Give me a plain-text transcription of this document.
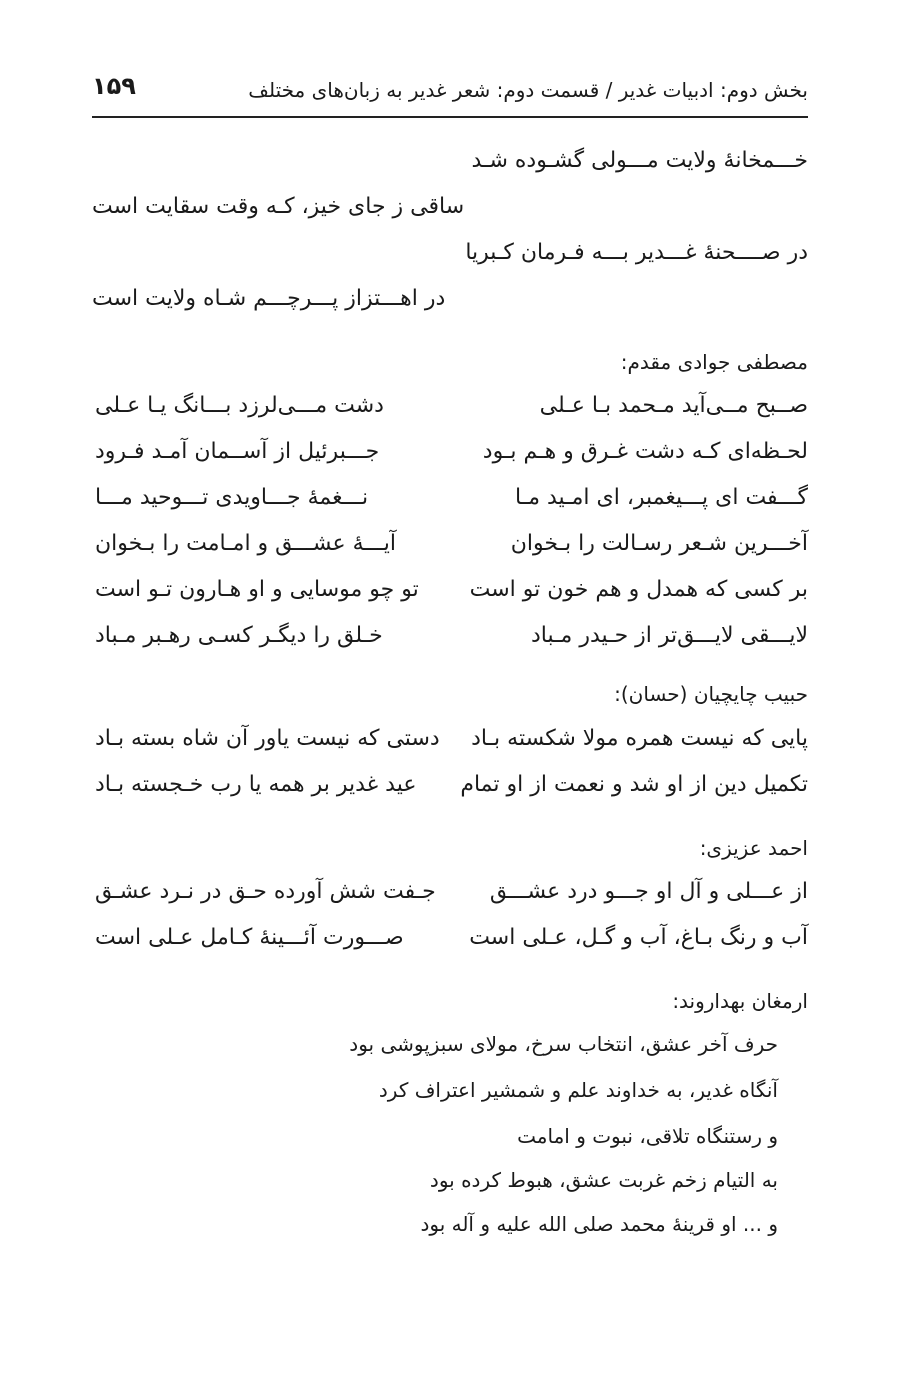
بخش دوم: ادبیات غدیر / قسمت دوم: شعر غدیر به زبان‌های مختلف
۱۵۹
خـــمخانهٔ ولایت مـــولی گشـوده شـد
ساقی ز جای خیز، کـه وقت سقایت است
در صــــحنهٔ غـــدیر بـــه فـرمان کـبریا
در اهـــتزاز پـــرچـــم شـاه ولایت است
مصطفی جوادی مقدم:
صــبح مــی‌آید مـحمد بـا عـلی
دشت مـــی‌لرزد بـــانگ یـا عـلی
لحـظه‌ای کـه دشت غـرق و هـم بـود
جـــبرئیل از آســمان آمـد فـرود
گـــفت ای پـــیغمبر، ای امـید مـا
نـــغمهٔ جـــاویدی تـــوحید مـــا
آخـــرین شـعر رسـالت را بـخوان
آیـــهٔ عشـــق و امـامت را بـخوان
بر کسی که همدل و هم خون تو است
تو چو موسایی و او هـارون تـو است
لایـــقی لایـــق‌تر از حـیدر مـباد
خـلق را دیگـر کسـی رهـبر مـباد
حبیب چایچیان (حسان):
پایی که نیست همره مولا شکسته بـاد
دستی که نیست یاور آن شاه بسته بـاد
تکمیل دین از او شد و نعمت از او تمام
عید غدیر بر همه یا رب خـجسته بـاد
احمد عزیزی:
از عـــلی و آل او جـــو درد عشـــق
جـفت شش آورده حـق در نـرد عشـق
آب و رنگ بـاغ، آب و گـل، عـلی است
صـــورت آئـــینهٔ کـامل عـلی است
ارمغان بهداروند:
حرف آخر عشق، انتخاب سرخ، مولای سبزپوشی بود
آنگاه غدیر، به خداوند علم و شمشیر اعتراف کرد
و رستنگاه تلاقی، نبوت و امامت
به التیام زخم غربت عشق، هبوط کرده بود
و ... او قرینهٔ محمد صلی الله علیه و آله بود
